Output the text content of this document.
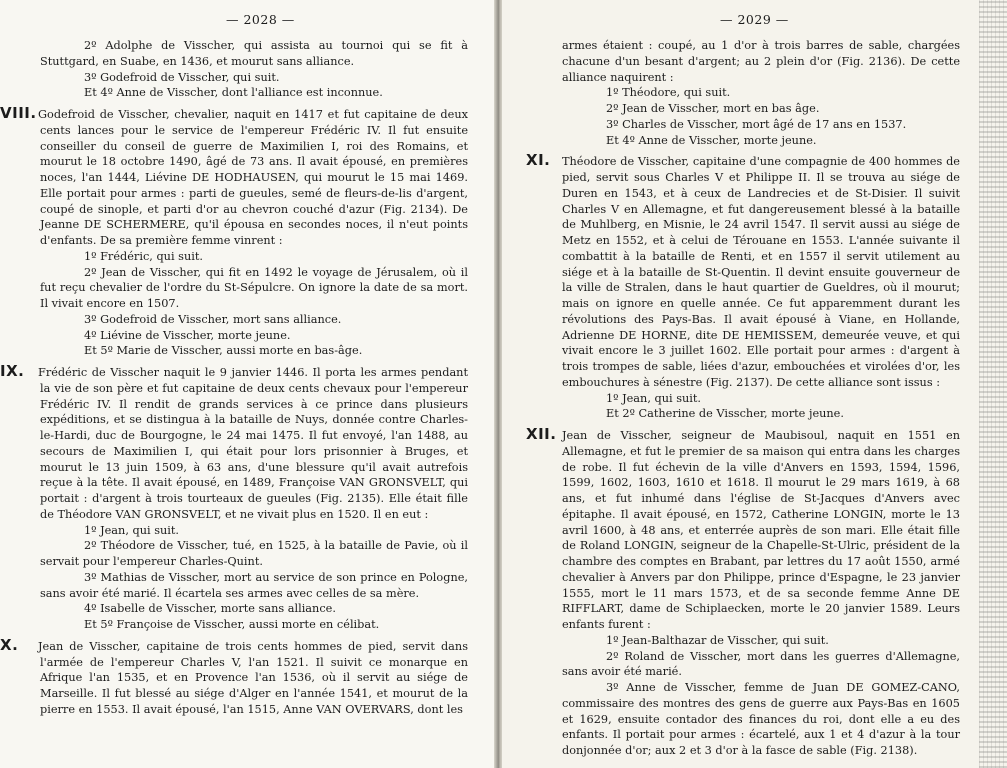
— 2028 —

2º Adolphe de Visscher, qui assista au tournoi qui se fit à Stuttgard, en Suabe, en 1436, et mourut sans alliance.

3º Godefroid de Visscher, qui suit.

Et 4º Anne de Visscher, dont l'alliance est inconnue.

VIII.Godefroid de Visscher, chevalier, naquit en 1417 et fut capitaine de deux cents lances pour le service de l'empereur Frédéric IV. Il fut ensuite conseiller du conseil de guerre de Maximilien I, roi des Romains, et mourut le 18 octobre 1490, âgé de 73 ans. Il avait épousé, en premières noces, l'an 1444, Liévine DE HODHAUSEN, qui mourut le 15 mai 1469. Elle portait pour armes : parti de gueules, semé de fleurs-de-lis d'argent, coupé de sinople, et parti d'or au chevron couché d'azur (Fig. 2134). De Jeanne DE SCHERMERE, qu'il épousa en secondes noces, il n'eut points d'enfants. De sa première femme vinrent :

1º Frédéric, qui suit.

2º Jean de Visscher, qui fit en 1492 le voyage de Jérusalem, où il fut reçu chevalier de l'ordre du St-Sépulcre. On ignore la date de sa mort. Il vivait encore en 1507.

3º Godefroid de Visscher, mort sans alliance.

4º Liévine de Visscher, morte jeune.

Et 5º Marie de Visscher, aussi morte en bas-âge.

IX. Frédéric de Visscher naquit le 9 janvier 1446. Il porta les armes pendant la vie de son père et fut capitaine de deux cents chevaux pour l'empereur Frédéric IV. Il rendit de grands services à ce prince dans plusieurs expéditions, et se distingua à la bataille de Nuys, donnée contre Charles-le-Hardi, duc de Bourgogne, le 24 mai 1475. Il fut envoyé, l'an 1488, au secours de Maximilien I, qui était pour lors prisonnier à Bruges, et mourut le 13 juin 1509, à 63 ans, d'une blessure qu'il avait autrefois reçue à la tête. Il avait épousé, en 1489, Françoise VAN GRONSVELT, qui portait : d'argent à trois tourteaux de gueules (Fig. 2135). Elle était fille de Théodore VAN GRONSVELT, et ne vivait plus en 1520. Il en eut :

1º Jean, qui suit.

2º Théodore de Visscher, tué, en 1525, à la bataille de Pavie, où il servait pour l'empereur Charles-Quint.

3º Mathias de Visscher, mort au service de son prince en Pologne, sans avoir été marié. Il écartela ses armes avec celles de sa mère.

4º Isabelle de Visscher, morte sans alliance.

Et 5º Françoise de Visscher, aussi morte en célibat.

X. Jean de Visscher, capitaine de trois cents hommes de pied, servit dans l'armée de l'empereur Charles V, l'an 1521. Il suivit ce monarque en Afrique l'an 1535, et en Provence l'an 1536, où il servit au siége de Marseille. Il fut blessé au siége d'Alger en l'année 1541, et mourut de la pierre en 1553. Il avait épousé, l'an 1515, Anne VAN OVERVARS, dont les

— 2029 —

armes étaient : coupé, au 1 d'or à trois barres de sable, chargées chacune d'un besant d'argent; au 2 plein d'or (Fig. 2136). De cette alliance naquirent :

1º Théodore, qui suit.

2º Jean de Visscher, mort en bas âge.

3º Charles de Visscher, mort âgé de 17 ans en 1537.

Et 4º Anne de Visscher, morte jeune.

XI. Théodore de Visscher, capitaine d'une compagnie de 400 hommes de pied, servit sous Charles V et Philippe II. Il se trouva au siége de Duren en 1543, et à ceux de Landrecies et de St-Disier. Il suivit Charles V en Allemagne, et fut dangereusement blessé à la bataille de Muhlberg, en Misnie, le 24 avril 1547. Il servit aussi au siége de Metz en 1552, et à celui de Térouane en 1553. L'année suivante il combattit à la bataille de Renti, et en 1557 il servit utilement au siége et à la bataille de St-Quentin. Il devint ensuite gouverneur de la ville de Stralen, dans le haut quartier de Gueldres, où il mourut; mais on ignore en quelle année. Ce fut apparemment durant les révolutions des Pays-Bas. Il avait épousé à Viane, en Hollande, Adrienne DE HORNE, dite DE HEMISSEM, demeurée veuve, et qui vivait encore le 3 juillet 1602. Elle portait pour armes : d'argent à trois trompes de sable, liées d'azur, embouchées et virolées d'or, les embouchures à sénestre (Fig. 2137). De cette alliance sont issus :

1º Jean, qui suit.

Et 2º Catherine de Visscher, morte jeune.

XII. Jean de Visscher, seigneur de Maubisoul, naquit en 1551 en Allemagne, et fut le premier de sa maison qui entra dans les charges de robe. Il fut échevin de la ville d'Anvers en 1593, 1594, 1596, 1599, 1602, 1603, 1610 et 1618. Il mourut le 29 mars 1619, à 68 ans, et fut inhumé dans l'église de St-Jacques d'Anvers avec épitaphe. Il avait épousé, en 1572, Catherine LONGIN, morte le 13 avril 1600, à 48 ans, et enterrée auprès de son mari. Elle était fille de Roland LONGIN, seigneur de la Chapelle-St-Ulric, président de la chambre des comptes en Brabant, par lettres du 17 août 1550, armé chevalier à Anvers par don Philippe, prince d'Espagne, le 23 janvier 1555, mort le 11 mars 1573, et de sa seconde femme Anne DE RIFFLART, dame de Schiplaecken, morte le 20 janvier 1589. Leurs enfants furent :

1º Jean-Balthazar de Visscher, qui suit.

2º Roland de Visscher, mort dans les guerres d'Allemagne, sans avoir été marié.

3º Anne de Visscher, femme de Juan DE GOMEZ-CANO, commissaire des montres des gens de guerre aux Pays-Bas en 1605 et 1629, ensuite contador des finances du roi, dont elle a eu des enfants. Il portait pour armes : écartelé, aux 1 et 4 d'azur à la tour donjonnée d'or; aux 2 et 3 d'or à la fasce de sable (Fig. 2138).
